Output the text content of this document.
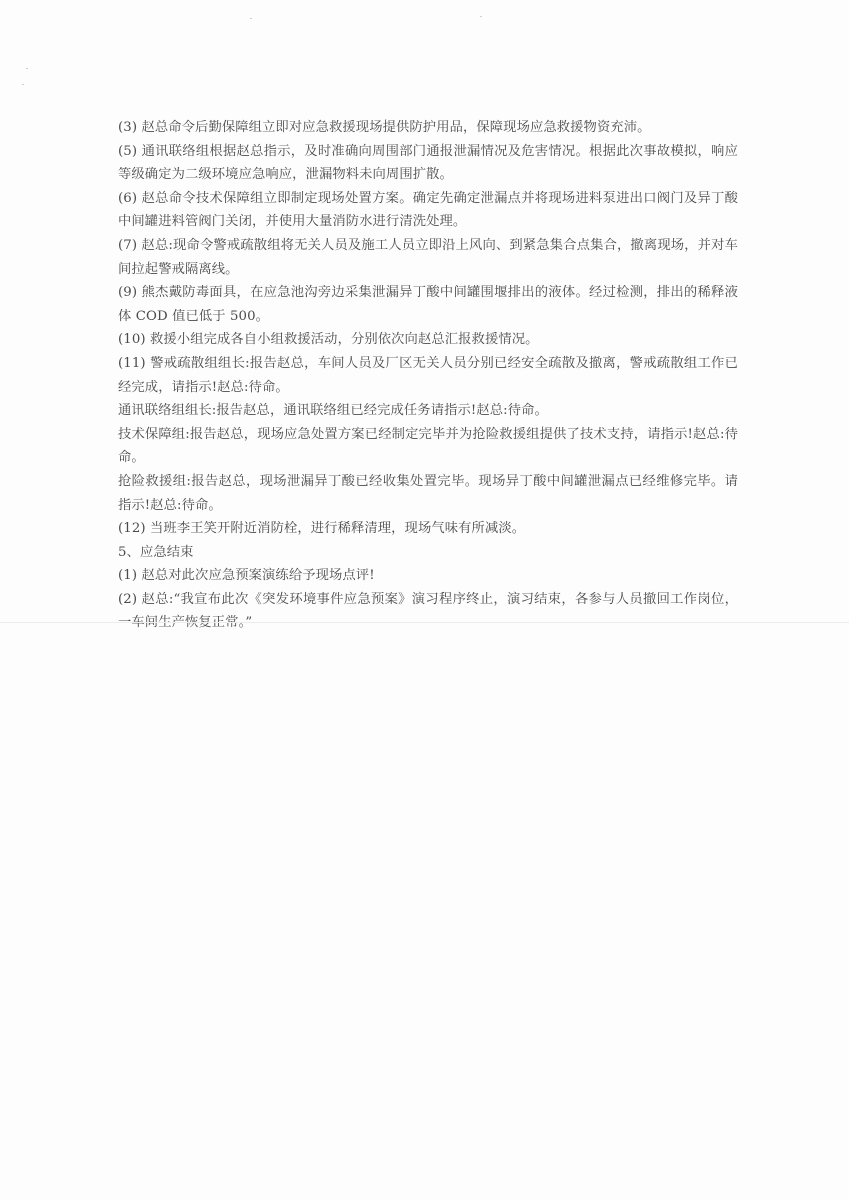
(3) 赵总命令后勤保障组立即对应急救援现场提供防护用品，保障现场应急救援物资充沛。

(5) 通讯联络组根据赵总指示，及时准确向周围部门通报泄漏情况及危害情况。根据此次事故模拟，响应等级确定为二级环境应急响应，泄漏物料未向周围扩散。

(6) 赵总命令技术保障组立即制定现场处置方案。确定先确定泄漏点并将现场进料泵进出口阀门及异丁酸中间罐进料管阀门关闭，并使用大量消防水进行清洗处理。

(7) 赵总:现命令警戒疏散组将无关人员及施工人员立即沿上风向、到紧急集合点集合，撤离现场，并对车间拉起警戒隔离线。

(9) 熊杰戴防毒面具，在应急池沟旁边采集泄漏异丁酸中间罐围堰排出的液体。经过检测，排出的稀释液体 COD 值已低于 500。

(10) 救援小组完成各自小组救援活动，分别依次向赵总汇报救援情况。

(11) 警戒疏散组组长:报告赵总，车间人员及厂区无关人员分别已经安全疏散及撤离，警戒疏散组工作已经完成，请指示!赵总:待命。

通讯联络组组长:报告赵总，通讯联络组已经完成任务请指示!赵总:待命。

技术保障组:报告赵总，现场应急处置方案已经制定完毕并为抢险救援组提供了技术支持，请指示!赵总:待命。

抢险救援组:报告赵总，现场泄漏异丁酸已经收集处置完毕。现场异丁酸中间罐泄漏点已经维修完毕。请指示!赵总:待命。

(12) 当班李王笑开附近消防栓，进行稀释清理，现场气味有所减淡。

5、应急结束

(1) 赵总对此次应急预案演练给予现场点评!

(2) 赵总:“我宣布此次《突发环境事件应急预案》演习程序终止，演习结束，各参与人员撤回工作岗位，
